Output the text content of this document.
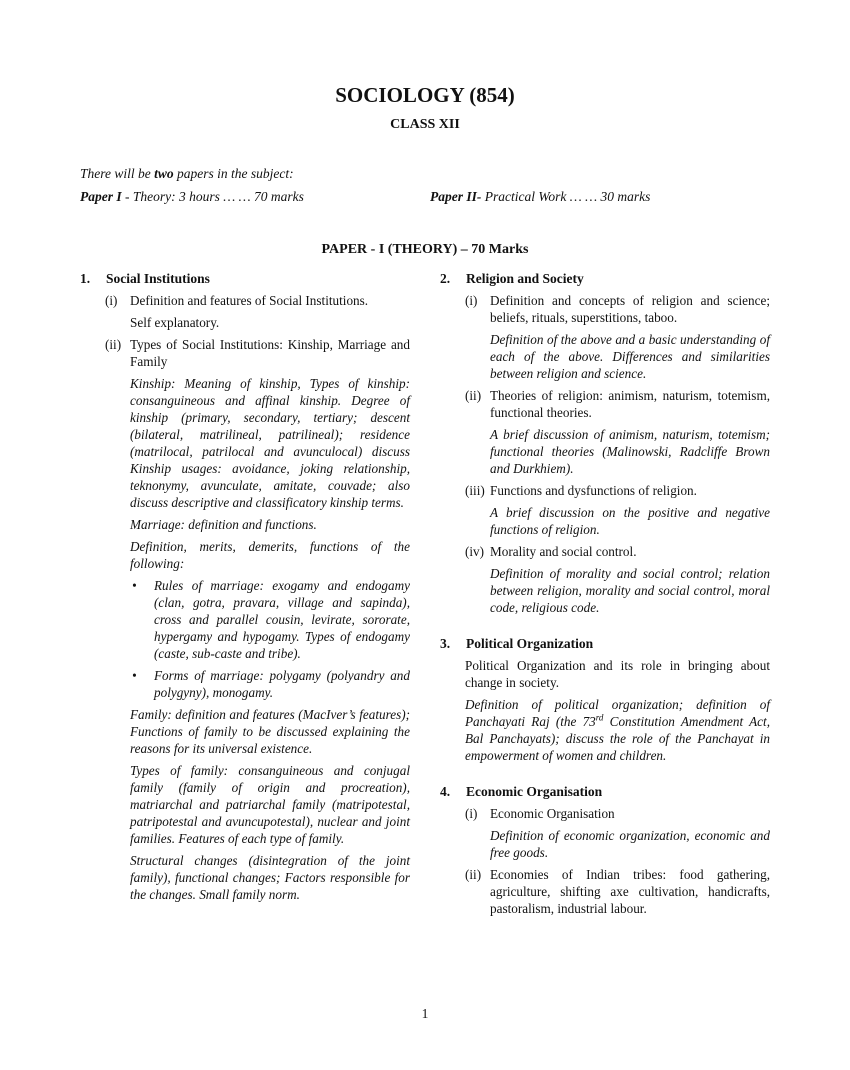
SOCIOLOGY (854)
CLASS XII
There will be two papers in the subject:
Paper I - Theory: 3 hours … … 70 marks	Paper II- Practical Work … … 30 marks
PAPER - I (THEORY) – 70 Marks
1. Social Institutions
(i) Definition and features of Social Institutions.
Self explanatory.
(ii) Types of Social Institutions: Kinship, Marriage and Family
Kinship: Meaning of kinship, Types of kinship: consanguineous and affinal kinship. Degree of kinship (primary, secondary, tertiary; descent (bilateral, matrilineal, patrilineal); residence (matrilocal, patrilocal and avunculocal) discuss Kinship usages: avoidance, joking relationship, teknonymy, avunculate, amitate, couvade; also discuss descriptive and classificatory kinship terms.
Marriage: definition and functions.
Definition, merits, demerits, functions of the following:
• Rules of marriage: exogamy and endogamy (clan, gotra, pravara, village and sapinda), cross and parallel cousin, levirate, sororate, hypergamy and hypogamy. Types of endogamy (caste, sub-caste and tribe).
• Forms of marriage: polygamy (polyandry and polygyny), monogamy.
Family: definition and features (MacIver’s features); Functions of family to be discussed explaining the reasons for its universal existence.
Types of family: consanguineous and conjugal family (family of origin and procreation), matriarchal and patriarchal family (matripotestal, patripotestal and avuncupotestal), nuclear and joint families. Features of each type of family.
Structural changes (disintegration of the joint family), functional changes; Factors responsible for the changes. Small family norm.
2. Religion and Society
(i) Definition and concepts of religion and science; beliefs, rituals, superstitions, taboo.
Definition of the above and a basic understanding of each of the above. Differences and similarities between religion and science.
(ii) Theories of religion: animism, naturism, totemism, functional theories.
A brief discussion of animism, naturism, totemism; functional theories (Malinowski, Radcliffe Brown and Durkhiem).
(iii) Functions and dysfunctions of religion.
A brief discussion on the positive and negative functions of religion.
(iv) Morality and social control.
Definition of morality and social control; relation between religion, morality and social control, moral code, religious code.
3. Political Organization
Political Organization and its role in bringing about change in society.
Definition of political organization; definition of Panchayati Raj (the 73rd Constitution Amendment Act, Bal Panchayats); discuss the role of the Panchayat in empowerment of women and children.
4. Economic Organisation
(i) Economic Organisation
Definition of economic organization, economic and free goods.
(ii) Economies of Indian tribes: food gathering, agriculture, shifting axe cultivation, handicrafts, pastoralism, industrial labour.
1
